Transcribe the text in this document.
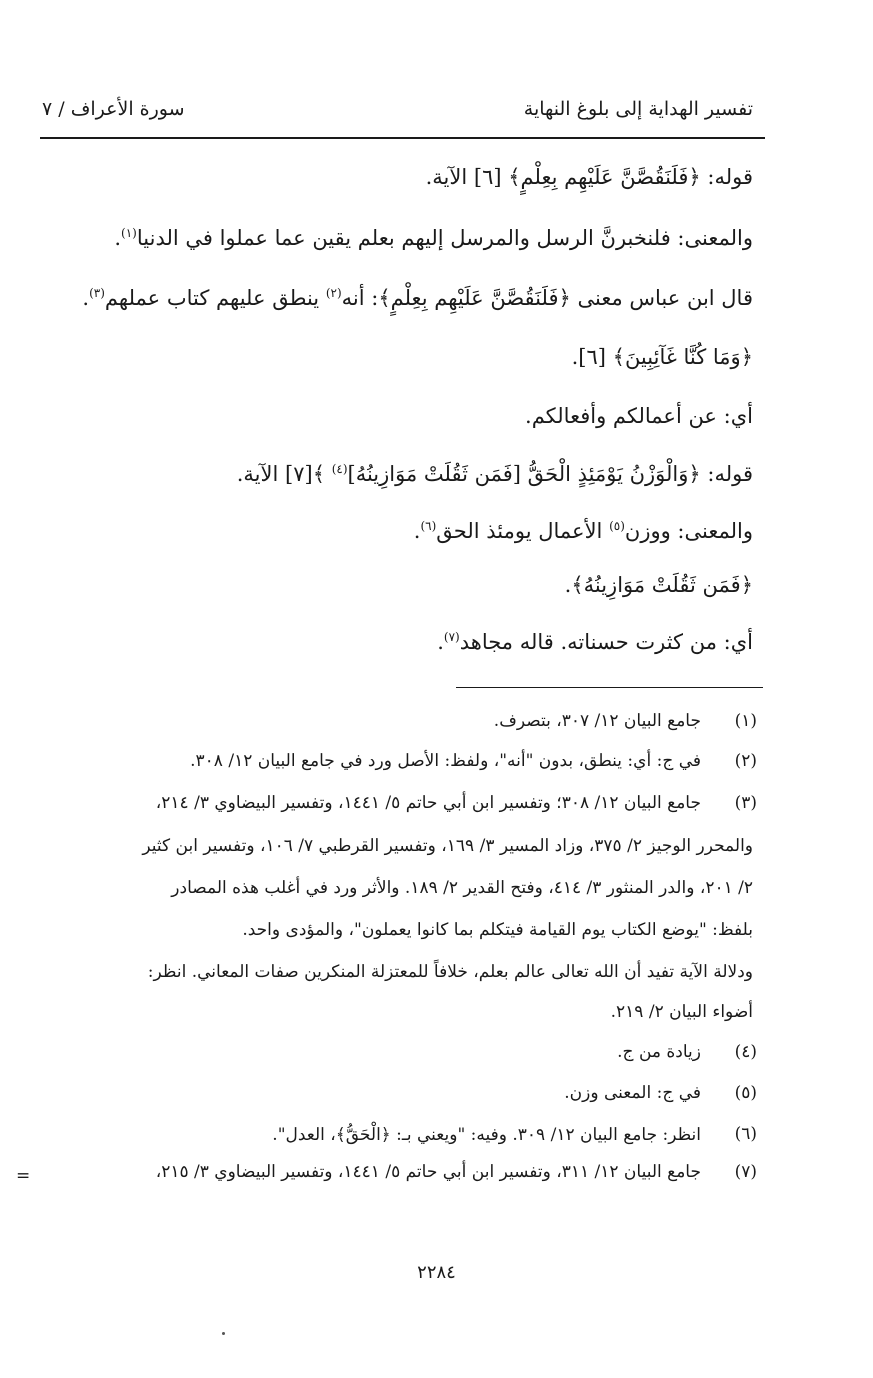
تفسير الهداية إلى بلوغ النهاية
سورة الأعراف / ٧
قوله: ﴿فَلَنَقُصَّنَّ عَلَيْهِم بِعِلْمٍ﴾ [٦] الآية.
والمعنى: فلنخبرنَّ الرسل والمرسل إليهم بعلم يقين عما عملوا في الدنيا$^{(١)}$.
قال ابن عباس معنى ﴿فَلَنَقُصَّنَّ عَلَيْهِم بِعِلْمٍ﴾: أنه$^{(٢)}$ ينطق عليهم كتاب عملهم$^{(٣)}$.
﴿وَمَا كُنَّا غَآئِبِينَ﴾ [٦].
أي: عن أعمالكم وأفعالكم.
قوله: ﴿وَالْوَزْنُ يَوْمَئِذٍ الْحَقُّ [فَمَن ثَقُلَتْ مَوَازِينُهُ]$^{(٤)}$ ﴾[٧] الآية.
والمعنى: ووزن$^{(٥)}$ الأعمال يومئذ الحق$^{(٦)}$.
﴿فَمَن ثَقُلَتْ مَوَازِينُهُ﴾.
أي: من كثرت حسناته. قاله مجاهد$^{(٧)}$.
(١)
جامع البيان ١٢/ ٣٠٧، بتصرف.
(٢)
في ج: أي: ينطق، بدون "أنه"، ولفظ: الأصل ورد في جامع البيان ١٢/ ٣٠٨.
(٣)
جامع البيان ١٢/ ٣٠٨؛ وتفسير ابن أبي حاتم ٥/ ١٤٤١، وتفسير البيضاوي ٣/ ٢١٤،
والمحرر الوجيز ٢/ ٣٧٥، وزاد المسير ٣/ ١٦٩، وتفسير القرطبي ٧/ ١٠٦، وتفسير ابن كثير
٢/ ٢٠١، والدر المنثور ٣/ ٤١٤، وفتح القدير ٢/ ١٨٩. والأثر ورد في أغلب هذه المصادر
بلفظ: "يوضع الكتاب يوم القيامة فيتكلم بما كانوا يعملون"، والمؤدى واحد.
ودلالة الآية تفيد أن الله تعالى عالم بعلم، خلافاً للمعتزلة المنكرين صفات المعاني. انظر:
أضواء البيان ٢/ ٢١٩.
(٤)
زيادة من ج.
(٥)
في ج: المعنى وزن.
(٦)
انظر: جامع البيان ١٢/ ٣٠٩. وفيه: "ويعني بـ: ﴿الْحَقُّ﴾، العدل".
(٧)
جامع البيان ١٢/ ٣١١، وتفسير ابن أبي حاتم ٥/ ١٤٤١، وتفسير البيضاوي ٣/ ٢١٥،
=
٢٢٨٤
